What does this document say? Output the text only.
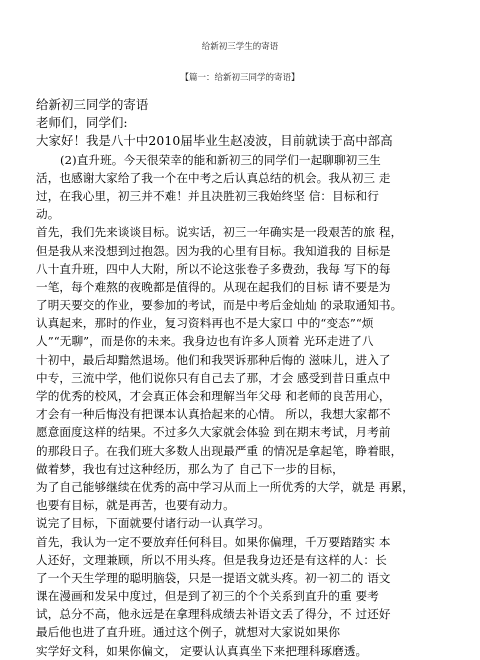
给新初三学生的寄语
【篇一：给新初三同学的寄语】
给新初三同学的寄语
老师们，同学们:
大家好！我是八十中2010届毕业生赵凌波，目前就读于高中部高
(2)直升班。今天很荣幸的能和新初三的同学们一起聊聊初三生
活，也感谢大家给了我一个在中考之后认真总结的机会。我从初三 走
过，在我心里，初三并不难！并且决胜初三我始终坚 信：目标和行
动。
首先，我们先来谈谈目标。说实话，初三一年确实是一段艰苦的旅 程，
但是我从来没想到过抱怨。因为我的心里有目标。我知道我的 目标是
八十直升班，四中人大附，所以不论这张卷子多费劲，我每 写下的每
一笔，每个难熬的夜晚都是值得的。从现在起我们的目标 请不要是为
了明天要交的作业，要参加的考试，而是中考后金灿灿 的录取通知书。
认真起来，那时的作业，复习资料再也不是大家口 中的“变态”“烦
人”“无聊”，而是你的未来。我身边也有许多人顶着 光环走进了八
十初中，最后却黯然退场。他们和我哭诉那种后悔的 滋味儿，进入了
中专，三流中学，他们说你只有自己去了那，才会 感受到昔日重点中
学的优秀的校风，才会真正体会和理解当年父母 和老师的良苦用心，
才会有一种后悔没有把课本认真拾起来的心情。 所以，我想大家都不
愿意面度这样的结果。不过多久大家就会体验 到在期末考试，月考前
的那段日子。在我们班大多数人出现最严重 的情况是拿起笔，睁着眼，
做着梦，我也有过这种经历，那么为了 自己下一步的目标，
为了自己能够继续在优秀的高中学习从而上一所优秀的大学，就是 再累，
也要有目标，就是再苦，也要有动力。
说完了目标，下面就要付诸行动一认真学习。
首先，我认为一定不要放弃任何科目。如果你偏理，千万要踏踏实 本
人还好，文理兼顾，所以不用头疼。但是我身边还是有这样的人：长
了一个天生学理的聪明脑袋，只是一提语文就头疼。初一初二的 语文
课在漫画和发呆中度过，但是到了初三的个个关系到直升的重 要考
试，总分不高，他永远是在拿理科成绩去补语文丢了得分，不 过还好
最后他也进了直升班。通过这个例子，就想对大家说如果你
实学好文科，如果你偏文， 定要认认真真坐下来把理科琢磨透。
